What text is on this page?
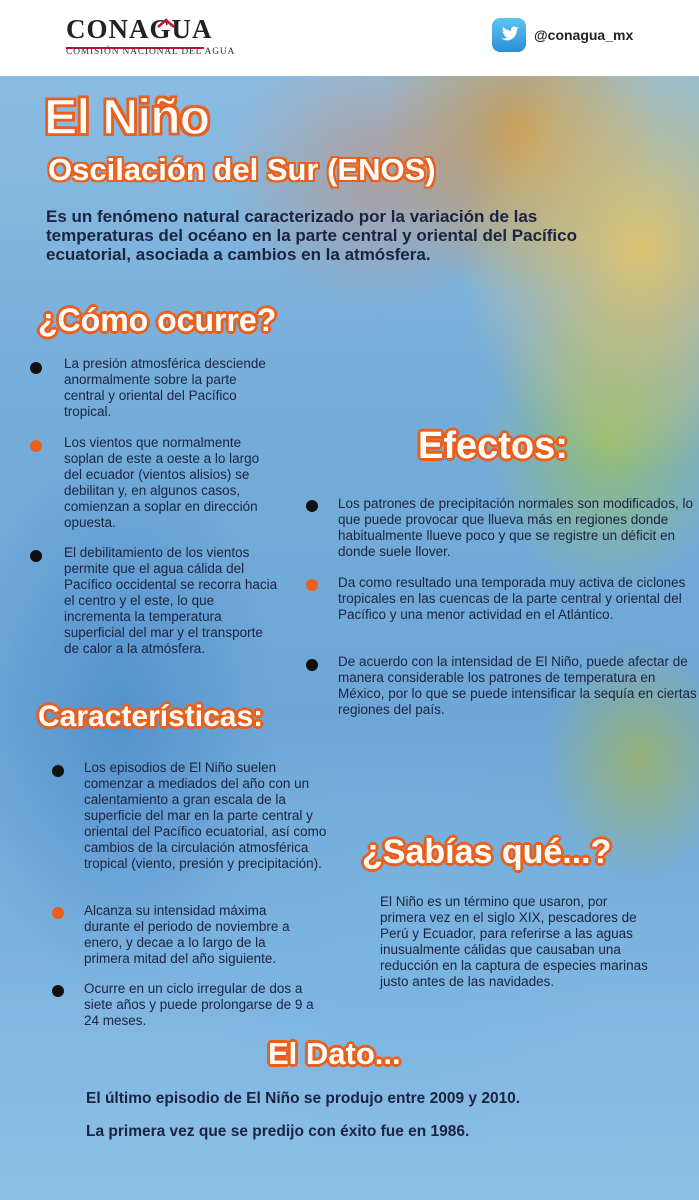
CONAGUA
COMISIÓN NACIONAL DEL AGUA
@conagua_mx
El Niño
Oscilación del Sur (ENOS)
Es un fenómeno natural caracterizado por la variación de las temperaturas del océano en la parte central y oriental del Pacífico ecuatorial, asociada a cambios en la atmósfera.
¿Cómo ocurre?
La presión atmosférica desciende anormalmente sobre la parte central y oriental del Pacífico tropical.
Los vientos que normalmente soplan de este a oeste a lo largo del ecuador (vientos alisios) se debilitan y, en algunos casos, comienzan a soplar en dirección opuesta.
El debilitamiento de los vientos permite que el agua cálida del Pacífico occidental se recorra hacia el centro y el este, lo que incrementa la temperatura superficial del mar y el transporte de calor a la atmósfera.
Efectos:
Los patrones de precipitación normales son modificados, lo que puede provocar que llueva más en regiones donde habitualmente llueve poco y que se registre un déficit en donde suele llover.
Da como resultado una temporada muy activa de ciclones tropicales en las cuencas de la parte central y oriental del Pacífico y una menor actividad en el Atlántico.
De acuerdo con la intensidad de El Niño, puede afectar de manera considerable los patrones de temperatura en México, por lo que se puede intensificar la sequía en ciertas regiones del país.
Características:
Los episodios de El Niño suelen comenzar a mediados del año con un calentamiento a gran escala de la superficie del mar en la parte central y oriental del Pacífico ecuatorial, así como cambios de la circulación atmosférica tropical (viento, presión y precipitación).
Alcanza su intensidad máxima durante el periodo de noviembre a enero, y decae a lo largo de la primera mitad del año siguiente.
Ocurre en un ciclo irregular de dos a siete años y puede prolongarse de 9 a 24 meses.
¿Sabías qué...?
El Niño es un término que usaron, por primera vez en el siglo XIX, pescadores de Perú y Ecuador, para referirse a las aguas inusualmente cálidas que causaban una reducción en la captura de especies marinas justo antes de las navidades.
El Dato...
El último episodio de El Niño se produjo entre 2009 y 2010.
La primera vez que se predijo con éxito fue en 1986.
